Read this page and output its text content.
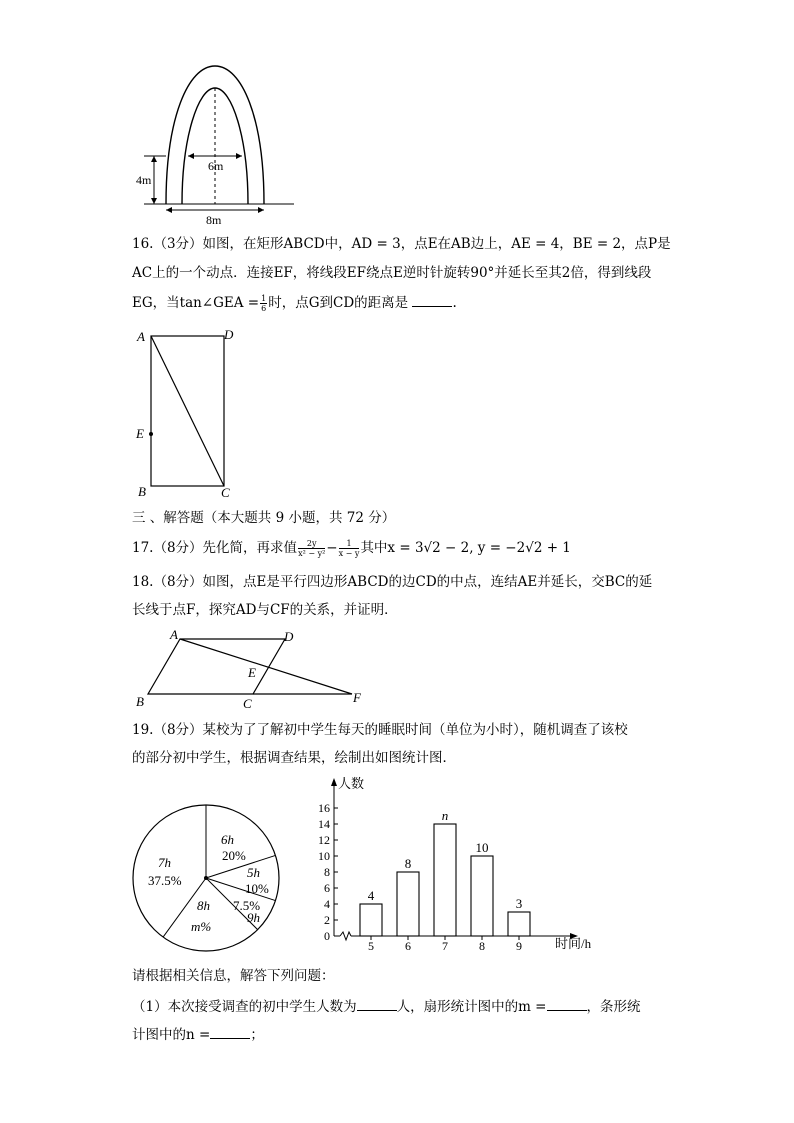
6m
4m
8m
16.（3分）如图，在矩形ABCD中，AD = 3，点E在AB边上，AE = 4，BE = 2，点P是
AC上的一个动点．连接EF，将线段EF绕点E逆时针旋转90°并延长至其2倍，得到线段
EG，当tan∠GEA = $\frac{1}{6}$ 时，点G到CD的距离是	.
A	D
E
B	C
三 、解答题（本大题共 9 小题，共 72 分）
17.（8分）先化简，再求值 $\frac{2y}{\text{x² − y²}} - \frac{1}{x - y}$ 其中x = 3√2 − 2, y = −2√2 + 1
18.（8分）如图，点E是平行四边形ABCD的边CD的中点，连结AE并延长，交BC的延
长线于点F，探究AD与CF的关系，并证明．
A	D
E
B	C	F
19.（8分）某校为了了解初中学生每天的睡眠时间（单位为小时），随机调查了该校
的部分初中学生，根据调查结果，绘制出如图统计图．
6h
20%
5h
10%
7.5%
9h
8h
m%
7h
37.5%
0
2
4
6
8
10
12
14
16
4
5
8
6
n
7
10
8
3
9
人数
时间/h
请根据相关信息，解答下列问题：
（1）本次接受调查的初中学生人数为	人，扇形统计图中的m =	，条形统
计图中的n =	；
